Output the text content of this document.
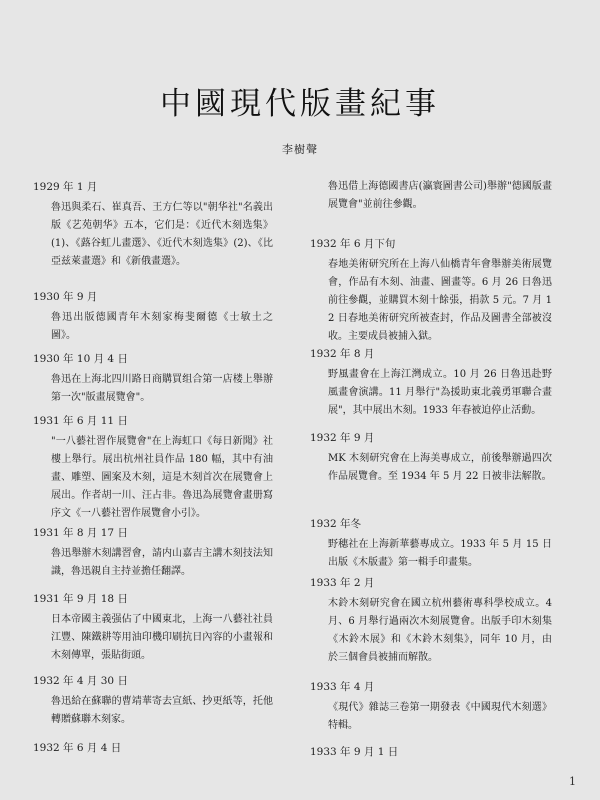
中國現代版畫紀事
李樹聲
1929 年 1 月
魯迅與柔石、崔真吾、王方仁等以"朝华社"名義出版《艺苑朝华》五本，它们是：《近代木刻选集》(1)、《蕗谷虹儿畫選》、《近代木刻选集》(2)、《比亞兹萊畫選》和《新俄畫選》。
1930 年 9 月
魯迅出版德國青年木刻家梅斐爾德《士敏土之圖》。
1930 年 10 月 4 日
魯迅在上海北四川路日商購買组合第一店楼上舉辦第一次"版畫展覽會"。
1931 年 6 月 11 日
"一八藝社習作展覽會"在上海虹口《每日新聞》社樓上舉行。展出杭州社員作品 180 幅，其中有油畫、雕塑、圖案及木刻，這是木刻首次在展覽會上展出。作者胡一川、汪占非。魯迅為展覽會畫册寫序文《一八藝社習作展覽會小引》。
1931 年 8 月 17 日
魯迅舉辦木刻講習會，請内山嘉吉主講木刻技法知識，魯迅親自主持並擔任翻譯。
1931 年 9 月 18 日
日本帝國主義强佔了中國東北，上海一八藝社社員江豐、陳鐵耕等用油印機印刷抗日內容的小畫報和木刻傳單，張貼街頭。
1932 年 4 月 30 日
魯迅給在蘇聯的曹靖華寄去宣紙、抄更紙等，托他轉贈蘇聯木刻家。
1932 年 6 月 4 日
魯迅借上海德國書店(瀛寰圖書公司)舉辦"德國版畫展覽會"並前往參觀。
1932 年 6 月下旬
春地美術研究所在上海八仙橋青年會舉辦美術展覽會，作品有木刻、油畫、圖畫等。6 月 26 日魯迅前往參觀，並購買木刻十餘張，捐款 5 元。7 月 12 日春地美術研究所被查封，作品及圖書全部被沒收。主要成員被捕入獄。
1932 年 8 月
野風畫會在上海江灣成立。10 月 26 日魯迅赴野風畫會演講。11 月舉行"為援助東北義勇軍聯合畫展"，其中展出木刻。1933 年春被迫停止活動。
1932 年 9 月
MK 木刻研究會在上海美專成立，前後舉辦過四次作品展覽會。至 1934 年 5 月 22 日被非法解散。
1932 年冬
野穗社在上海新華藝專成立。1933 年 5 月 15 日出版《木版畫》第一輯手印畫集。
1933 年 2 月
木鈴木刻研究會在國立杭州藝術專科學校成立。4 月、6 月舉行過兩次木刻展覽會。出版手印木刻集《木鈴木展》和《木鈴木刻集》，同年 10 月，由於三個會員被捕而解散。
1933 年 4 月
《現代》雜誌三卷第一期發表《中國現代木刻選》特輯。
1933 年 9 月 1 日
1
